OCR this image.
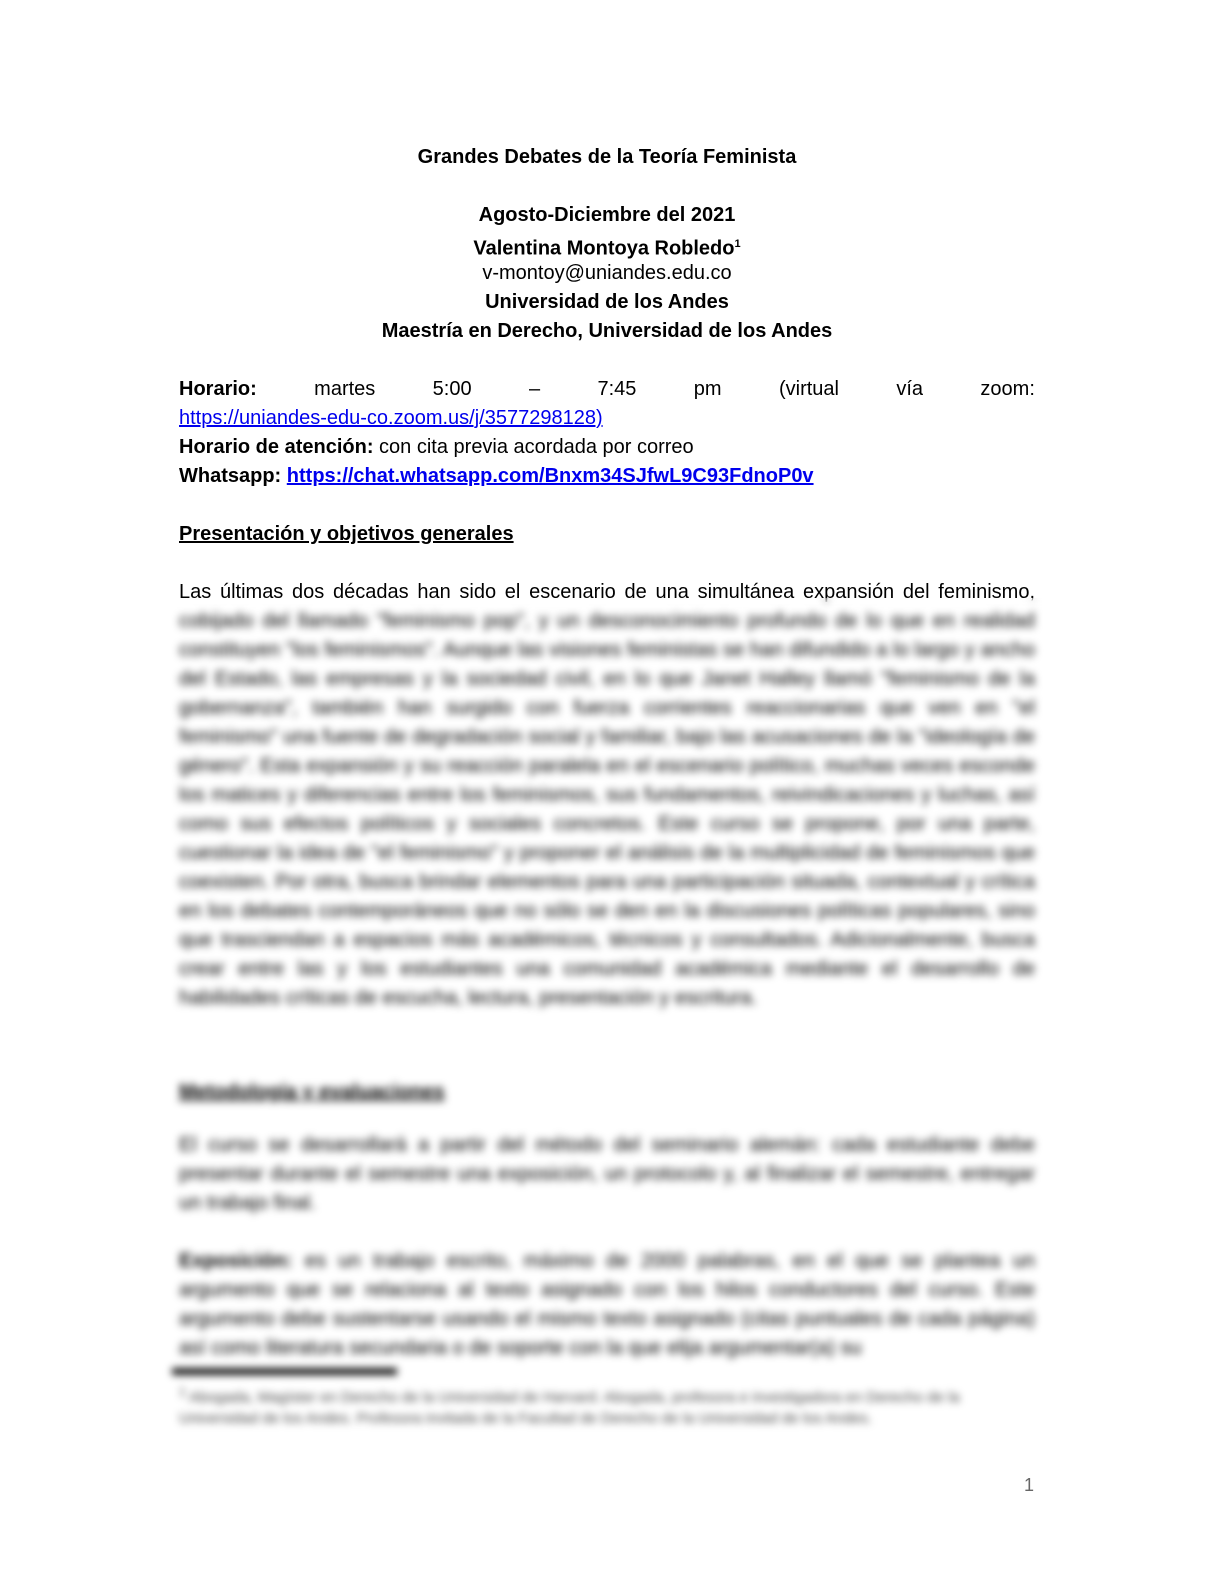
Grandes Debates de la Teoría Feminista
Agosto-Diciembre del 2021
Valentina Montoya Robledo$^1$
v-montoy@uniandes.edu.co
Universidad de los Andes
Maestría en Derecho, Universidad de los Andes
Horario:	martes	5:00	–	7:45	pm	(virtual	vía	zoom:
https://uniandes-edu-co.zoom.us/j/3577298128)
Horario de atención: con cita previa acordada por correo
Whatsapp: https://chat.whatsapp.com/Bnxm34SJfwL9C93FdnoP0v
Presentación y objetivos generales
Las últimas dos décadas han sido el escenario de una simultánea expansión del feminismo, cobijado del llamado "feminismo pop", y un desconocimiento profundo de lo que en realidad constituyen "los feminismos". Aunque las visiones feministas se han difundido a lo largo y ancho del Estado, las empresas y la sociedad civil, en lo que Janet Halley llamó "feminismo de la gobernanza", también han surgido con fuerza corrientes reaccionarias que ven en "el feminismo" una fuente de degradación social y familiar, bajo las acusaciones de la "ideología de género". Esta expansión y su reacción paralela en el escenario político, muchas veces esconde los matices y diferencias entre los feminismos, sus fundamentos, reivindicaciones y luchas, así como sus efectos políticos y sociales concretos. Este curso se propone, por una parte, cuestionar la idea de "el feminismo" y proponer el análisis de la multiplicidad de feminismos que coexisten. Por otra, busca brindar elementos para una participación situada, contextual y crítica en los debates contemporáneos que no sólo se den en la discusiones políticas populares, sino que trasciendan a espacios más académicos, técnicos y consultados. Adicionalmente, busca crear entre las y los estudiantes una comunidad académica mediante el desarrollo de habilidades críticas de escucha, lectura, presentación y escritura.
Metodología y evaluaciones
El curso se desarrollará a partir del método del seminario alemán: cada estudiante debe presentar durante el semestre una exposición, un protocolo y, al finalizar el semestre, entregar un trabajo final.
Exposición: es un trabajo escrito, máximo de 2000 palabras, en el que se plantea un argumento que se relaciona al texto asignado con los hilos conductores del curso. Este argumento debe sustentarse usando el mismo texto asignado (citas puntuales de cada página) así como literatura secundaria o de soporte con la que elija argumentar(a) su
$^1$ Abogada, Magíster en Derecho de la Universidad de Harvard. Abogada, profesora e investigadora en Derecho de la Universidad de los Andes. Profesora invitada de la Facultad de Derecho de la Universidad de los Andes.
1
